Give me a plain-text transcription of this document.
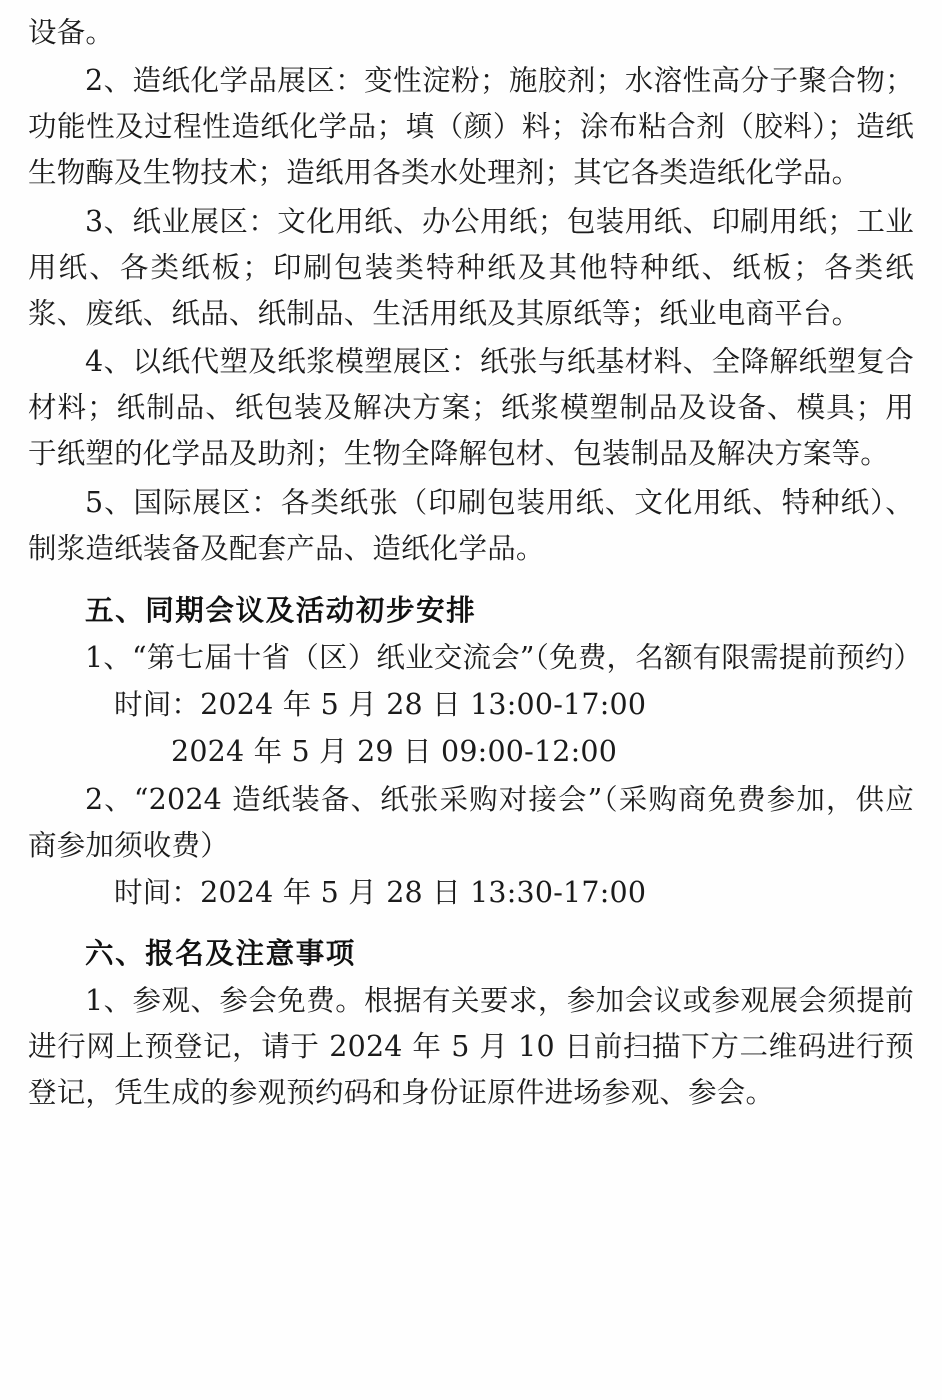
设备。

2、造纸化学品展区：变性淀粉；施胶剂；水溶性高分子聚合物；功能性及过程性造纸化学品；填（颜）料；涂布粘合剂（胶料）；造纸生物酶及生物技术；造纸用各类水处理剂；其它各类造纸化学品。

3、纸业展区：文化用纸、办公用纸；包装用纸、印刷用纸；工业用纸、各类纸板；印刷包装类特种纸及其他特种纸、纸板；各类纸浆、废纸、纸品、纸制品、生活用纸及其原纸等；纸业电商平台。

4、以纸代塑及纸浆模塑展区：纸张与纸基材料、全降解纸塑复合材料；纸制品、纸包装及解决方案；纸浆模塑制品及设备、模具；用于纸塑的化学品及助剂；生物全降解包材、包装制品及解决方案等。

5、国际展区：各类纸张（印刷包装用纸、文化用纸、特种纸）、制浆造纸装备及配套产品、造纸化学品。

五、同期会议及活动初步安排

1、“第七届十省（区）纸业交流会”（免费，名额有限需提前预约）

时间：2024 年 5 月 28 日 13:00-17:00

2024 年 5 月 29 日 09:00-12:00

2、“2024 造纸装备、纸张采购对接会”（采购商免费参加，供应商参加须收费）

时间：2024 年 5 月 28 日 13:30-17:00

六、报名及注意事项

1、参观、参会免费。根据有关要求，参加会议或参观展会须提前进行网上预登记，请于 2024 年 5 月 10 日前扫描下方二维码进行预登记，凭生成的参观预约码和身份证原件进场参观、参会。
